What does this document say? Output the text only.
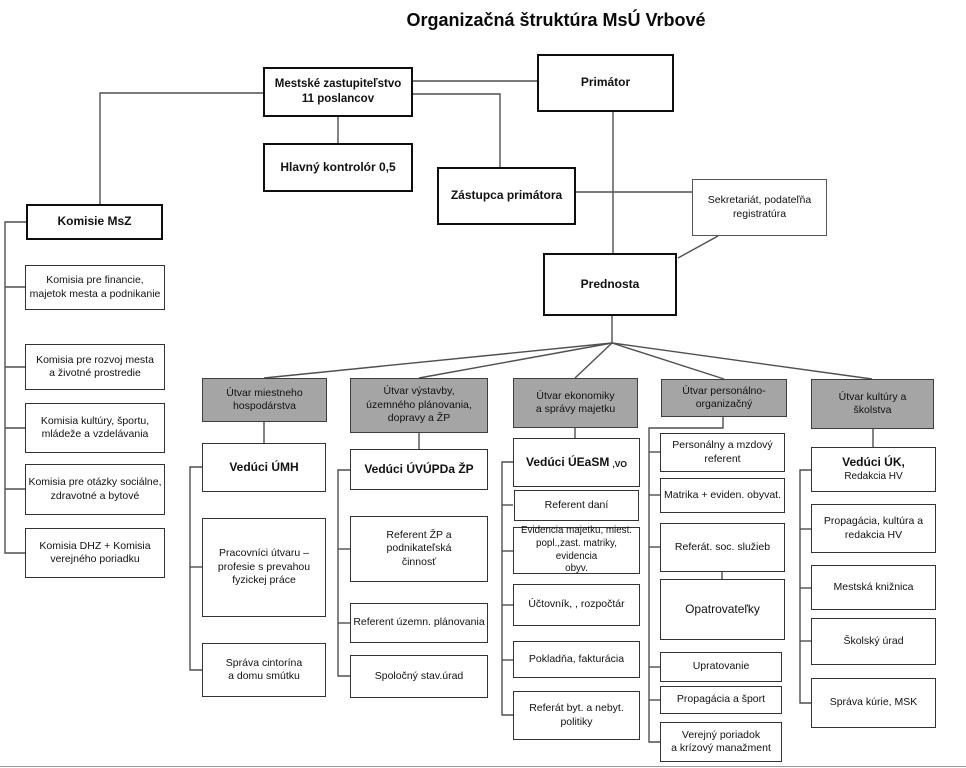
Organizačná štruktúra MsÚ Vrbové
Mestské zastupiteľstvo
11 poslancov
Primátor
Hlavný kontrolór 0,5
Zástupca primátora	Sekretariát, podateľňa
registratúra
Komisie MsZ
Prednosta
Komisia pre financie,
majetok mesta a podnikanie
Komisia pre rozvoj mesta
a životné prostredie
Komisia kultúry, športu,
mládeže a vzdelávania
Komisia pre otázky sociálne,
zdravotné a bytové
Komisia DHZ + Komisia
verejného poriadku
Útvar miestneho
hospodárstva
Útvar výstavby,
územného plánovania,
dopravy a ŽP
Útvar ekonomiky
a správy majetku
Útvar personálno-
organizačný
Útvar kultúry a
školstva
Vedúci ÚMH
Pracovníci útvaru –
profesie s prevahou
fyzickej práce
Správa cintorína
a domu smútku
Vedúci ÚVÚPDa ŽP
Referent ŽP a podnikateľská
činnosť
Referent územn. plánovania
Spoločný stav.úrad
Vedúci ÚEaSM ,VO
Referent daní
Evidencia majetku, miest.
popl.,zast. matriky, evidencia
obyv.
Účtovník, , rozpočtár
Pokladňa, fakturácia
Referát byt. a nebyt.
politiky
Personálny a mzdový
referent
Matrika + eviden. obyvat.
Referát. soc. služieb
Opatrovateľky
Upratovanie
Propagácia a šport
Verejný poriadok
a krízový manažment
Vedúci ÚK,
Redakcia HV
Propagácia, kultúra a
redakcia HV
Mestská knižnica
Školský úrad
Správa kúrie, MSK
